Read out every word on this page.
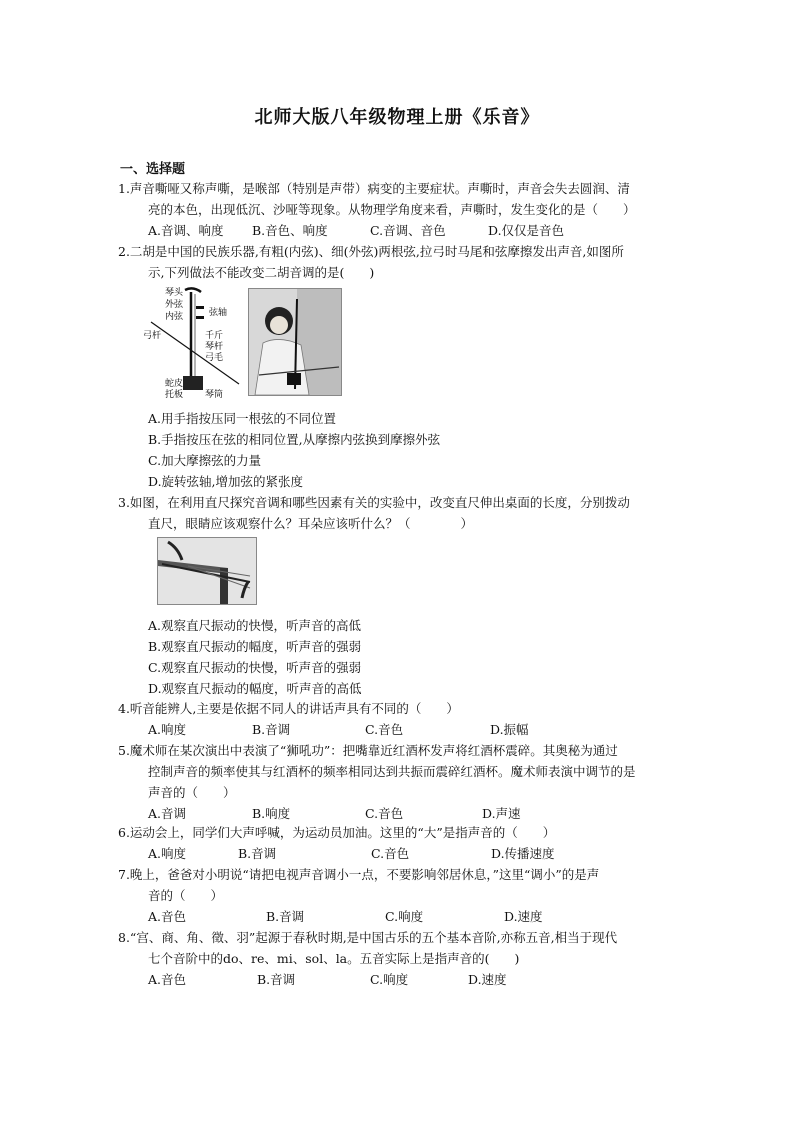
北师大版八年级物理上册《乐音》
一、选择题
1.声音嘶哑又称声嘶，是喉部（特别是声带）病变的主要症状。声嘶时，声音会失去圆润、清
亮的本色，出现低沉、沙哑等现象。从物理学角度来看，声嘶时，发生变化的是（　　）
A.音调、响度 B.音色、响度	C.音调、音色	D.仅仅是音色
2.二胡是中国的民族乐器,有粗(内弦)、细(外弦)两根弦,拉弓时马尾和弦摩擦发出声音,如图所
示,下列做法不能改变二胡音调的是(　　)
琴头
外弦
内弦
弓杆
弦轴
千斤
琴杆
弓毛
蛇皮
托板 琴筒
A.用手指按压同一根弦的不同位置
B.手指按压在弦的相同位置,从摩擦内弦换到摩擦外弦
C.加大摩擦弦的力量
D.旋转弦轴,增加弦的紧张度
3.如图，在利用直尺探究音调和哪些因素有关的实验中，改变直尺伸出桌面的长度，分别拨动
直尺，眼睛应该观察什么？耳朵应该听什么？（　　　　）
A.观察直尺振动的快慢，听声音的高低
B.观察直尺振动的幅度，听声音的强弱
C.观察直尺振动的快慢，听声音的强弱
D.观察直尺振动的幅度，听声音的高低
4.听音能辨人,主要是依据不同人的讲话声具有不同的（　　）
A.响度	B.音调	C.音色	D.振幅
5.魔术师在某次演出中表演了“狮吼功”：把嘴靠近红酒杯发声将红酒杯震碎。其奥秘为通过
控制声音的频率使其与红酒杯的频率相同达到共振而震碎红酒杯。魔术师表演中调节的是
声音的（　　）
A.音调	B.响度	C.音色	D.声速
6.运动会上，同学们大声呼喊，为运动员加油。这里的“大”是指声音的（　　）
A.响度	B.音调	C.音色	D.传播速度
7.晚上，爸爸对小明说“请把电视声音调小一点，不要影响邻居休息，”这里“调小”的是声
音的（　　）
A.音色	B.音调	C.响度	D.速度
8.“宫、商、角、徵、羽”起源于春秋时期,是中国古乐的五个基本音阶,亦称五音,相当于现代
七个音阶中的do、re、mi、sol、la。五音实际上是指声音的(　　)
A.音色	B.音调	C.响度	D.速度
